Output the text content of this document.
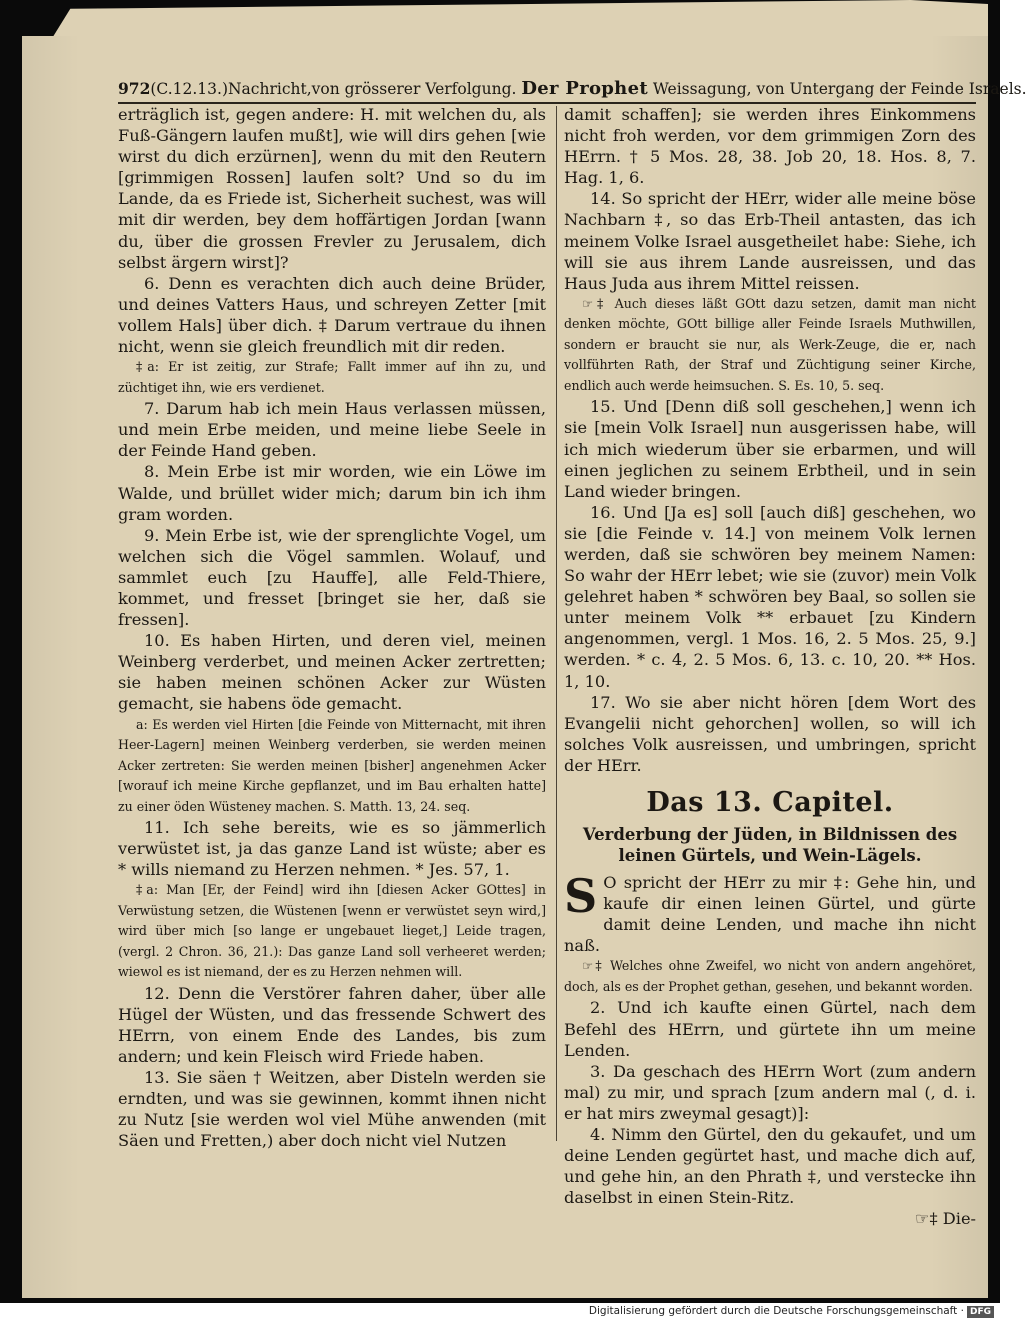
972(C.12.13.)Nachricht,von grösserer Verfolgung. Der Prophet Weissagung, von Untergang der Feinde Israels.

erträglich ist, gegen andere: H. mit welchen du, als Fuß-Gängern laufen mußt], wie will dirs gehen [wie wirst du dich erzürnen], wenn du mit den Reutern [grimmigen Rossen] laufen solt? Und so du im Lande, da es Friede ist, Sicherheit suchest, was will mit dir werden, bey dem hoffärtigen Jordan [wann du, über die grossen Frevler zu Jerusalem, dich selbst ärgern wirst]?

6. Denn es verachten dich auch deine Brüder, und deines Vatters Haus, und schreyen Zetter [mit vollem Hals] über dich. ‡ Darum vertraue du ihnen nicht, wenn sie gleich freundlich mit dir reden.

‡a: Er ist zeitig, zur Strafe; Fallt immer auf ihn zu, und züchtiget ihn, wie ers verdienet.

7. Darum hab ich mein Haus verlassen müssen, und mein Erbe meiden, und meine liebe Seele in der Feinde Hand geben.

8. Mein Erbe ist mir worden, wie ein Löwe im Walde, und brüllet wider mich; darum bin ich ihm gram worden.

9. Mein Erbe ist, wie der sprenglichte Vogel, um welchen sich die Vögel sammlen. Wolauf, und sammlet euch [zu Hauffe], alle Feld-Thiere, kommet, und fresset [bringet sie her, daß sie fressen].

10. Es haben Hirten, und deren viel, meinen Weinberg verderbet, und meinen Acker zertretten; sie haben meinen schönen Acker zur Wüsten gemacht, sie habens öde gemacht.

a: Es werden viel Hirten [die Feinde von Mitternacht, mit ihren Heer-Lagern] meinen Weinberg verderben, sie werden meinen Acker zertreten: Sie werden meinen [bisher] angenehmen Acker [worauf ich meine Kirche gepflanzet, und im Bau erhalten hatte] zu einer öden Wüsteney machen. S. Matth. 13, 24. seq.

11. Ich sehe bereits, wie es so jämmerlich verwüstet ist, ja das ganze Land ist wüste; aber es * wills niemand zu Herzen nehmen. * Jes. 57, 1.

‡a: Man [Er, der Feind] wird ihn [diesen Acker GOttes] in Verwüstung setzen, die Wüstenen [wenn er verwüstet seyn wird,] wird über mich [so lange er ungebauet lieget,] Leide tragen, (vergl. 2 Chron. 36, 21.): Das ganze Land soll verheeret werden; wiewol es ist niemand, der es zu Herzen nehmen will.

12. Denn die Verstörer fahren daher, über alle Hügel der Wüsten, und das fressende Schwert des HErrn, von einem Ende des Landes, bis zum andern; und kein Fleisch wird Friede haben.

13. Sie säen † Weitzen, aber Disteln werden sie erndten, und was sie gewinnen, kommt ihnen nicht zu Nutz [sie werden wol viel Mühe anwenden (mit Säen und Fretten,) aber doch nicht viel Nutzen

damit schaffen]; sie werden ihres Einkommens nicht froh werden, vor dem grimmigen Zorn des HErrn. † 5 Mos. 28, 38. Job 20, 18. Hos. 8, 7. Hag. 1, 6.

14. So spricht der HErr, wider alle meine böse Nachbarn ‡, so das Erb-Theil antasten, das ich meinem Volke Israel ausgetheilet habe: Siehe, ich will sie aus ihrem Lande ausreissen, und das Haus Juda aus ihrem Mittel reissen.

☞‡ Auch dieses läßt GOtt dazu setzen, damit man nicht denken möchte, GOtt billige aller Feinde Israels Muthwillen, sondern er braucht sie nur, als Werk-Zeuge, die er, nach vollführten Rath, der Straf und Züchtigung seiner Kirche, endlich auch werde heimsuchen. S. Es. 10, 5. seq.

15. Und [Denn diß soll geschehen,] wenn ich sie [mein Volk Israel] nun ausgerissen habe, will ich mich wiederum über sie erbarmen, und will einen jeglichen zu seinem Erbtheil, und in sein Land wieder bringen.

16. Und [Ja es] soll [auch diß] geschehen, wo sie [die Feinde v. 14.] von meinem Volk lernen werden, daß sie schwören bey meinem Namen: So wahr der HErr lebet; wie sie (zuvor) mein Volk gelehret haben * schwören bey Baal, so sollen sie unter meinem Volk ** erbauet [zu Kindern angenommen, vergl. 1 Mos. 16, 2. 5 Mos. 25, 9.] werden. * c. 4, 2. 5 Mos. 6, 13. c. 10, 20. ** Hos. 1, 10.

17. Wo sie aber nicht hören [dem Wort des Evangelii nicht gehorchen] wollen, so will ich solches Volk ausreissen, und umbringen, spricht der HErr.

Das 13. Capitel.
Verderbung der Jüden, in Bildnissen des leinen Gürtels, und Wein-Lägels.

S O spricht der HErr zu mir ‡: Gehe hin, und kaufe dir einen leinen Gürtel, und gürte damit deine Lenden, und mache ihn nicht naß.

☞‡ Welches ohne Zweifel, wo nicht von andern angehöret, doch, als es der Prophet gethan, gesehen, und bekannt worden.

2. Und ich kaufte einen Gürtel, nach dem Befehl des HErrn, und gürtete ihn um meine Lenden.

3. Da geschach des HErrn Wort (zum andern mal) zu mir, und sprach [zum andern mal (, d. i. er hat mirs zweymal gesagt)]:

4. Nimm den Gürtel, den du gekaufet, und um deine Lenden gegürtet hast, und mache dich auf, und gehe hin, an den Phrath ‡, und verstecke ihn daselbst in einen Stein-Ritz.

☞‡ Die-

Digitalisierung gefördert durch die Deutsche Forschungsgemeinschaft · DFG
